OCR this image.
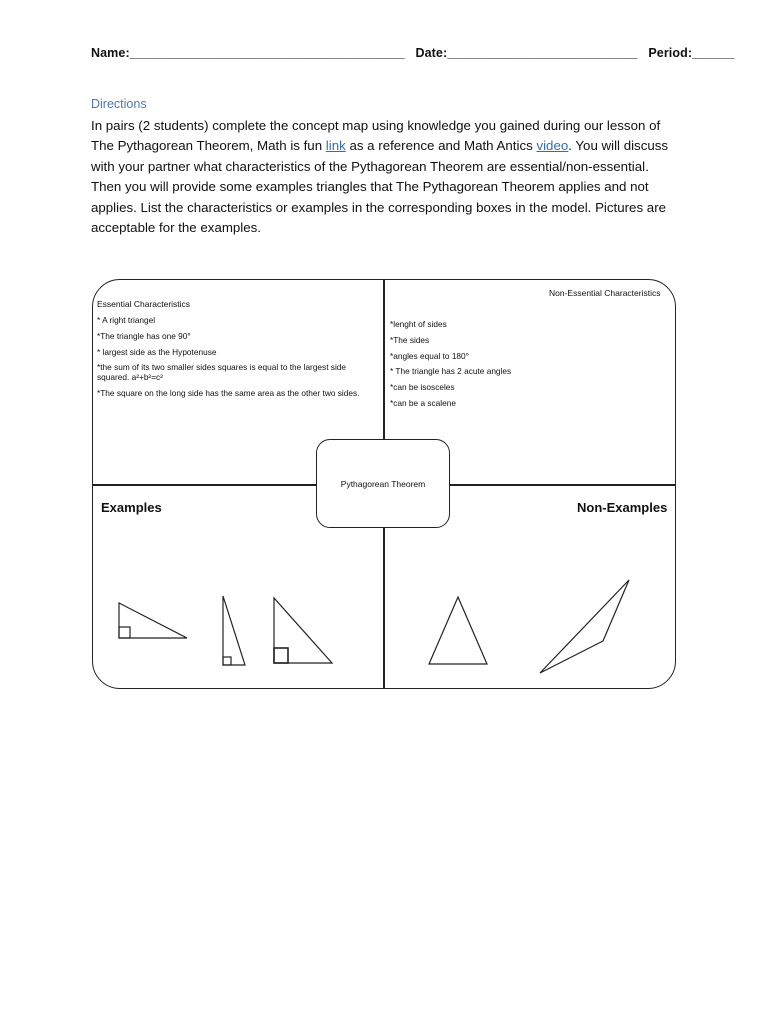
Name:_______________________________________ Date:___________________________ Period:______
Directions
In pairs (2 students) complete the concept map using knowledge you gained during our lesson of The Pythagorean Theorem, Math is fun link as a reference and Math Antics video. You will discuss with your partner what characteristics of the Pythagorean Theorem are essential/non-essential. Then you will provide some examples triangles that The Pythagorean Theorem applies and not applies. List the characteristics or examples in the corresponding boxes in the model. Pictures are acceptable for the examples.
Essential Characteristics
* A right triangel
*The triangle has one 90°
* largest side as the Hypotenuse
*the sum of its two smaller sides squares is equal to the largest side squared. a²+b²=c²
*The square on the long side has the same area as the other two sides.
Non-Essential Characteristics
*lenght of sides
*The sides
*angles equal to 180°
* The triangle has 2 acute angles
*can be isosceles
*can be a scalene
Examples	Non-Examples
Pythagorean Theorem
